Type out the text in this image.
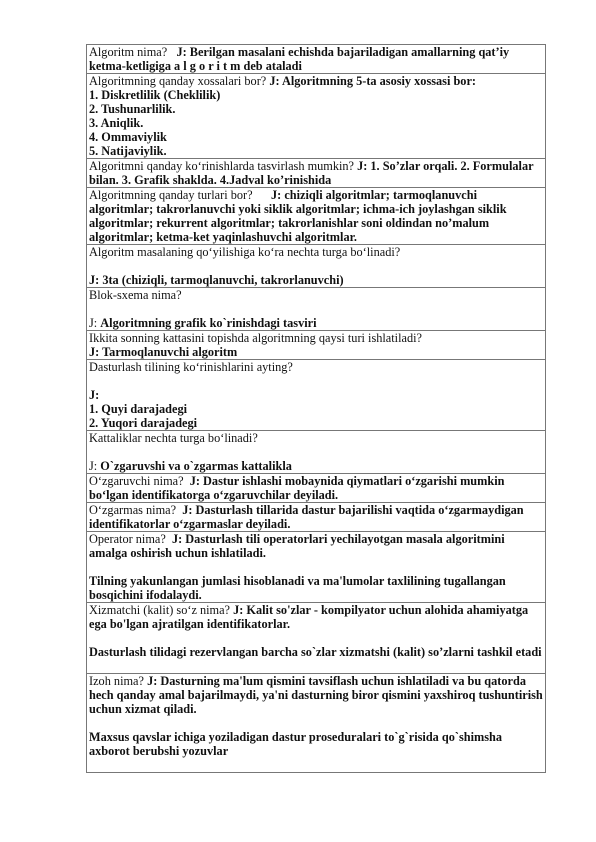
Algoritm nima? J: Berilgan masalani echishda bajariladigan amallarning qat’iy ketma-ketligiga a l g o r i t m deb ataladi
Algoritmning qanday xossalari bor? J: Algoritmning 5-ta asosiy xossasi bor:
1. Diskretlilik (Cheklilik)
2. Tushunarlilik.
3. Aniqlik.
4. Ommaviylik
5. Natijaviylik.

Algoritmni qanday ko‘rinishlarda tasvirlash mumkin? J: 1. So’zlar orqali. 2. Formulalar bilan. 3. Grafik shaklda. 4.Jadval ko’rinishida
Algoritmning qanday turlari bor? J: chiziqli algoritmlar; tarmoqlanuvchi algoritmlar; takrorlanuvchi yoki siklik algoritmlar; ichma-ich joylashgan siklik algoritmlar; rekurrent algoritmlar; takrorlanishlar soni oldindan no’malum algoritmlar; ketma-ket yaqinlashuvchi algoritmlar.

Algoritm masalaning qo‘yilishiga ko‘ra nechta turga bo‘linadi?
J: 3ta (chiziqli, tarmoqlanuvchi, takrorlanuvchi)

Blok-sxema nima?
J: Algoritmning grafik ko`rinishdagi tasviri

Ikkita sonning kattasini topishda algoritmning qaysi turi ishlatiladi?
J: Tarmoqlanuvchi algoritm

Dasturlash tilining ko‘rinishlarini ayting?
J:
1. Quyi darajadegi
2. Yuqori darajadegi

Kattaliklar nechta turga bo‘linadi?
J: O`zgaruvshi va o`zgarmas kattalikla

O‘zgaruvchi nima? J: Dastur ishlashi mobaynida qiymatlari o‘zgarishi mumkin bo‘lgan identifikatorga o‘zgaruvchilar deyiladi.
O‘zgarmas nima? J: Dasturlash tillarida dastur bajarilishi vaqtida o‘zgarmaydigan identifikatorlar o‘zgarmaslar deyiladi.
Operator nima? J: Dasturlash tili operatorlari yechilayotgan masala algoritmini amalga oshirish uchun ishlatiladi.
Tilning yakunlangan jumlasi hisoblanadi va ma'lumolar taxlilining tugallangan bosqichini ifodalaydi.

Xizmatchi (kalit) so‘z nima? J: Kalit so'zlar - kompilyator uchun alohida ahamiyatga ega bo'lgan ajratilgan identifikatorlar.
Dasturlash tilidagi rezervlangan barcha so`zlar xizmatshi (kalit) so’zlarni tashkil etadi

Izoh nima? J: Dasturning ma'lum qismini tavsiflash uchun ishlatiladi va bu qatorda hech qanday amal bajarilmaydi, ya'ni dasturning biror qismini yaxshiroq tushuntirish uchun xizmat qiladi.
Maxsus qavslar ichiga yoziladigan dastur proseduralari to`g`risida qo`shimsha axborot berubshi yozuvlar
